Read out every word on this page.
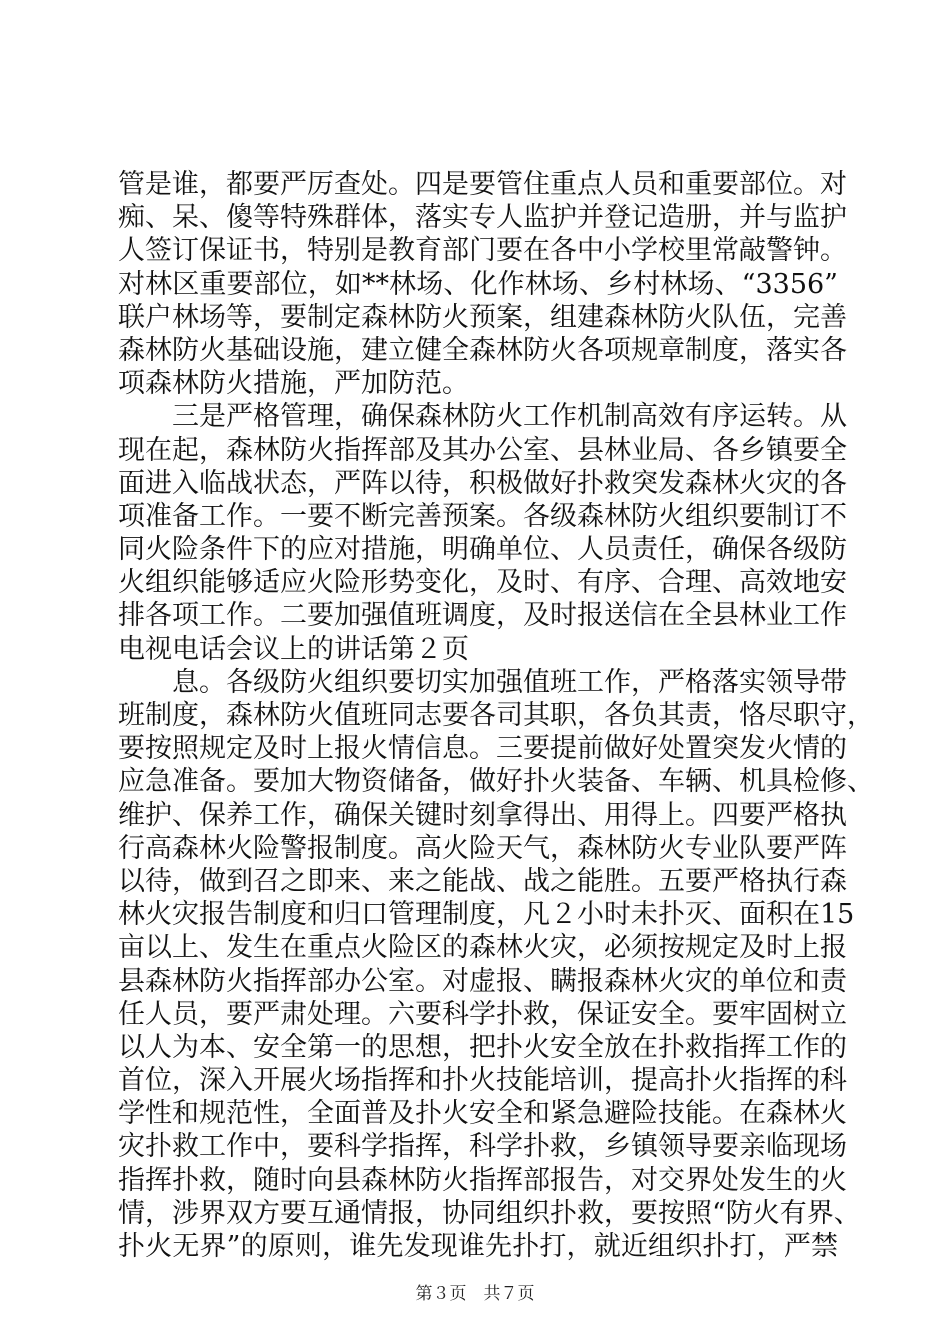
管是谁，都要严厉查处。四是要管住重点人员和重要部位。对
痴、呆、傻等特殊群体，落实专人监护并登记造册，并与监护
人签订保证书，特别是教育部门要在各中小学校里常敲警钟。
对林区重要部位，如**林场、化作林场、乡村林场、“3356”
联户林场等，要制定森林防火预案，组建森林防火队伍，完善
森林防火基础设施，建立健全森林防火各项规章制度，落实各
项森林防火措施，严加防范。
　　三是严格管理，确保森林防火工作机制高效有序运转。从
现在起，森林防火指挥部及其办公室、县林业局、各乡镇要全
面进入临战状态，严阵以待，积极做好扑救突发森林火灾的各
项准备工作。一要不断完善预案。各级森林防火组织要制订不
同火险条件下的应对措施，明确单位、人员责任，确保各级防
火组织能够适应火险形势变化，及时、有序、合理、高效地安
排各项工作。二要加强值班调度，及时报送信在全县林业工作
电视电话会议上的讲话第２页
　　息。各级防火组织要切实加强值班工作，严格落实领导带
班制度，森林防火值班同志要各司其职，各负其责，恪尽职守，
要按照规定及时上报火情信息。三要提前做好处置突发火情的
应急准备。要加大物资储备，做好扑火装备、车辆、机具检修、
维护、保养工作，确保关键时刻拿得出、用得上。四要严格执
行高森林火险警报制度。高火险天气，森林防火专业队要严阵
以待，做到召之即来、来之能战、战之能胜。五要严格执行森
林火灾报告制度和归口管理制度，凡２小时未扑灭、面积在15
亩以上、发生在重点火险区的森林火灾，必须按规定及时上报
县森林防火指挥部办公室。对虚报、瞒报森林火灾的单位和责
任人员，要严肃处理。六要科学扑救，保证安全。要牢固树立
以人为本、安全第一的思想，把扑火安全放在扑救指挥工作的
首位，深入开展火场指挥和扑火技能培训，提高扑火指挥的科
学性和规范性，全面普及扑火安全和紧急避险技能。在森林火
灾扑救工作中，要科学指挥，科学扑救，乡镇领导要亲临现场
指挥扑救，随时向县森林防火指挥部报告，对交界处发生的火
情，涉界双方要互通情报，协同组织扑救，要按照“防火有界、
扑火无界”的原则，谁先发现谁先扑打，就近组织扑打，严禁
第３页　共７页
